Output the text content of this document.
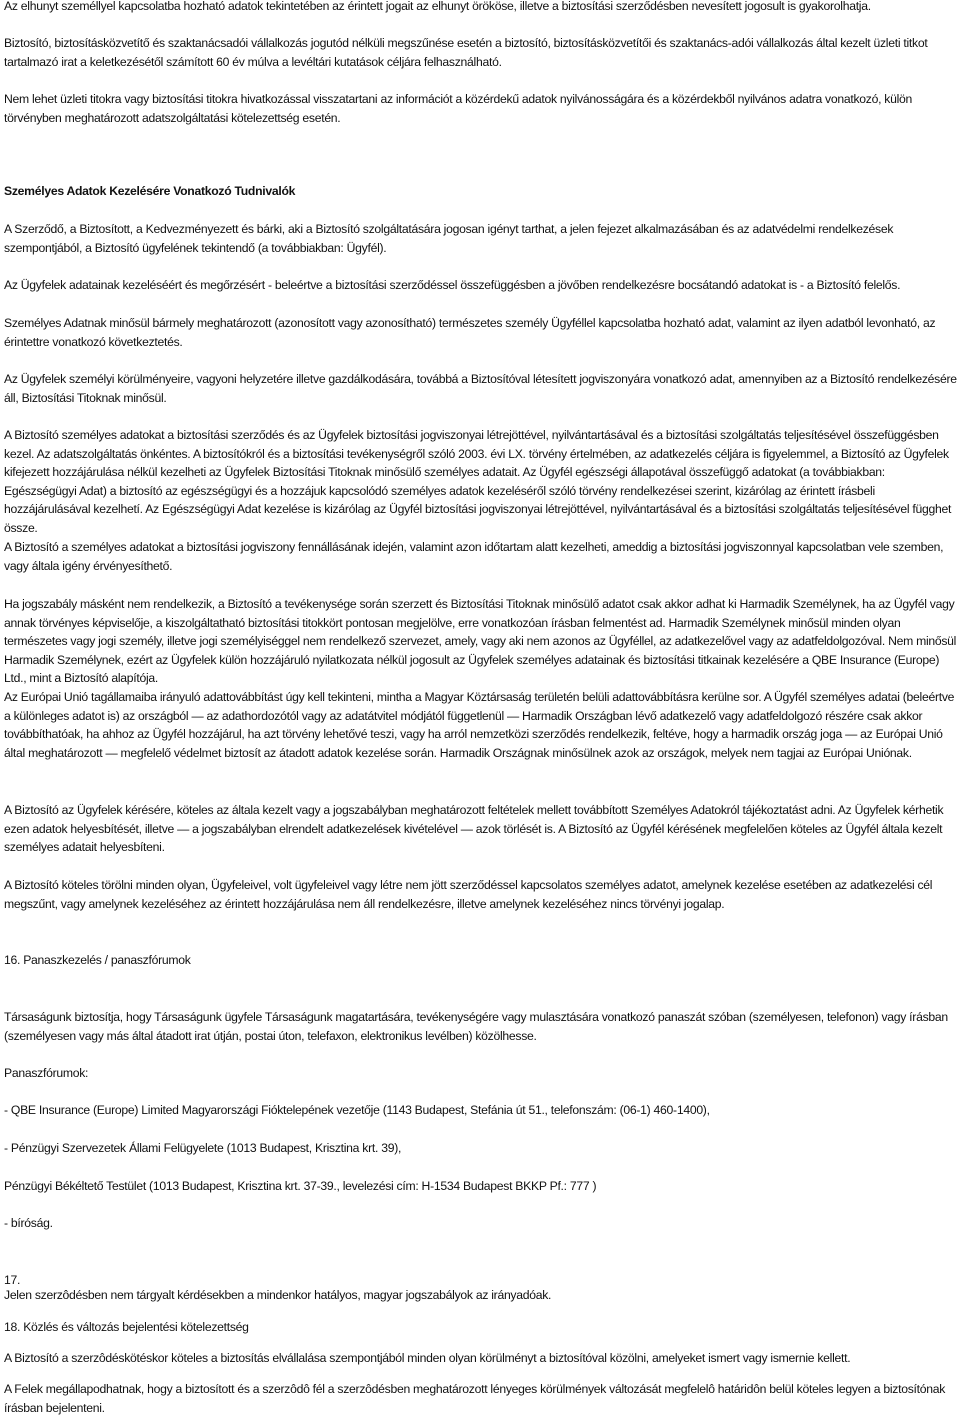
Az elhunyt személlyel kapcsolatba hozható adatok tekintetében az érintett jogait az elhunyt örököse, illetve a biztosítási szerződésben nevesített jogosult is gyakorolhatja.

Biztosító, biztosításközvetítő és szaktanácsadói vállalkozás jogutód nélküli megszűnése esetén a biztosító, biztosításközvetítői és szaktanács-adói vállalkozás által kezelt üzleti titkot tartalmazó irat a keletkezésétől számított 60 év múlva a levéltári kutatások céljára felhasználható.

Nem lehet üzleti titokra vagy biztosítási titokra hivatkozással visszatartani az információt a közérdekű adatok nyilvánosságára és a közérdekből nyilvános adatra vonatkozó, külön törvényben meghatározott adatszolgáltatási kötelezettség esetén.

Személyes Adatok Kezelésére Vonatkozó Tudnivalók

A Szerződő, a Biztosított, a Kedvezményezett és bárki, aki a Biztosító szolgáltatására jogosan igényt tarthat, a jelen fejezet alkalmazásában és az adatvédelmi rendelkezések szempontjából, a Biztosító ügyfelének tekintendő (a továbbiakban: Ügyfél).

Az Ügyfelek adatainak kezeléséért és megőrzésért - beleértve a biztosítási szerződéssel összefüggésben a jövőben rendelkezésre bocsátandó adatokat is - a Biztosító felelős.

Személyes Adatnak minősül bármely meghatározott (azonosított vagy azonosítható) természetes személy Ügyféllel kapcsolatba hozható adat, valamint az ilyen adatból levonható, az érintettre vonatkozó következtetés.

Az Ügyfelek személyi körülményeire, vagyoni helyzetére illetve gazdálkodására, továbbá a Biztosítóval létesített jogviszonyára vonatkozó adat, amennyiben az a Biztosító rendelkezésére áll, Biztosítási Titoknak minősül.

A Biztosító személyes adatokat a biztosítási szerződés és az Ügyfelek biztosítási jogviszonyai létrejöttével, nyilvántartásával és a biztosítási szolgáltatás teljesítésével összefüggésben kezel. Az adatszolgáltatás önkéntes. A biztosítókról és a biztosítási tevékenységről szóló 2003. évi LX. törvény értelmében, az adatkezelés céljára is figyelemmel, a Biztosító az Ügyfelek kifejezett hozzájárulása nélkül kezelheti az Ügyfelek Biztosítási Titoknak minősülő személyes adatait. Az Ügyfél egészségi állapotával összefüggő adatokat (a továbbiakban: Egészségügyi Adat) a biztosító az egészségügyi és a hozzájuk kapcsolódó személyes adatok kezeléséről szóló törvény rendelkezései szerint, kizárólag az érintett írásbeli hozzájárulásával kezelhetí. Az Egészségügyi Adat kezelése is kizárólag az Ügyfél biztosítási jogviszonyai létrejöttével, nyilvántartásával és a biztosítási szolgáltatás teljesítésével függhet össze.

A Biztosító a személyes adatokat a biztosítási jogviszony fennállásának idején, valamint azon időtartam alatt kezelheti, ameddig a biztosítási jogviszonnyal kapcsolatban vele szemben, vagy általa igény érvényesíthető.

Ha jogszabály másként nem rendelkezik, a Biztosító a tevékenysége során szerzett és Biztosítási Titoknak minősülő adatot csak akkor adhat ki Harmadik Személynek, ha az Ügyfél vagy annak törvényes képviselője, a kiszolgáltatható biztosítási titokkört pontosan megjelölve, erre vonatkozóan írásban felmentést ad. Harmadik Személynek minősül minden olyan természetes vagy jogi személy, illetve jogi személyiséggel nem rendelkező szervezet, amely, vagy aki nem azonos az Ügyféllel, az adatkezelővel vagy az adatfeldolgozóval. Nem minősül Harmadik Személynek, ezért az Ügyfelek külön hozzájáruló nyilatkozata nélkül jogosult az Ügyfelek személyes adatainak és biztosítási titkainak kezelésére a QBE Insurance (Europe) Ltd., mint a Biztosító alapítója.

Az Európai Unió tagállamaiba irányuló adattovábbítást úgy kell tekinteni, mintha a Magyar Köztársaság területén belüli adattovábbításra kerülne sor. A Ügyfél személyes adatai (beleértve a különleges adatot is) az országból — az adathordozótól vagy az adatátvitel módjától függetlenül — Harmadik Országban lévő adatkezelő vagy adatfeldolgozó részére csak akkor továbbíthatóak, ha ahhoz az Ügyfél hozzájárul, ha azt törvény lehetővé teszi, vagy ha arról nemzetközi szerződés rendelkezik, feltéve, hogy a harmadik ország joga — az Európai Unió által meghatározott — megfelelő védelmet biztosít az átadott adatok kezelése során. Harmadik Országnak minősülnek azok az országok, melyek nem tagjai az Európai Uniónak.

A Biztosító az Ügyfelek kérésére, köteles az általa kezelt vagy a jogszabályban meghatározott feltételek mellett továbbított Személyes Adatokról tájékoztatást adni. Az Ügyfelek kérhetik ezen adatok helyesbítését, illetve — a jogszabályban elrendelt adatkezelések kivételével — azok törlését is. A Biztosító az Ügyfél kérésének megfelelően köteles az Ügyfél általa kezelt személyes adatait helyesbíteni.

A Biztosító köteles törölni minden olyan, Ügyfeleivel, volt ügyfeleivel vagy létre nem jött szerződéssel kapcsolatos személyes adatot, amelynek kezelése esetében az adatkezelési cél megszűnt, vagy amelynek kezeléséhez az érintett hozzájárulása nem áll rendelkezésre, illetve amelynek kezeléséhez nincs törvényi jogalap.

16. Panaszkezelés / panaszfórumok

Társaságunk biztosítja, hogy Társaságunk ügyfele Társaságunk magatartására, tevékenységére vagy mulasztására vonatkozó panaszát szóban (személyesen, telefonon) vagy írásban (személyesen vagy más által átadott irat útján, postai úton, telefaxon, elektronikus levélben) közölhesse.

Panaszfórumok:

- QBE Insurance (Europe) Limited Magyarországi Fióktelepének vezetője (1143 Budapest, Stefánia út 51., telefonszám: (06-1) 460-1400),

- Pénzügyi Szervezetek Állami Felügyelete (1013 Budapest, Krisztina krt. 39),

Pénzügyi Békéltető Testület (1013 Budapest, Krisztina krt. 37-39., levelezési cím: H-1534 Budapest BKKP Pf.: 777 )

- bíróság.

17.

Jelen szerzôdésben nem tárgyalt kérdésekben a mindenkor hatályos, magyar jogszabályok az irányadóak.

18. Közlés és változás bejelentési kötelezettség

A Biztosító a szerzôdéskötéskor köteles a biztosítás elvállalása szempontjából minden olyan körülményt a biztosítóval közölni, amelyeket ismert vagy ismernie kellett.

A Felek megállapodhatnak, hogy a biztosított és a szerzôdô fél a szerzôdésben meghatározott lényeges körülmények változását megfelelô határidôn belül köteles legyen a biztosítónak írásban bejelenteni.
